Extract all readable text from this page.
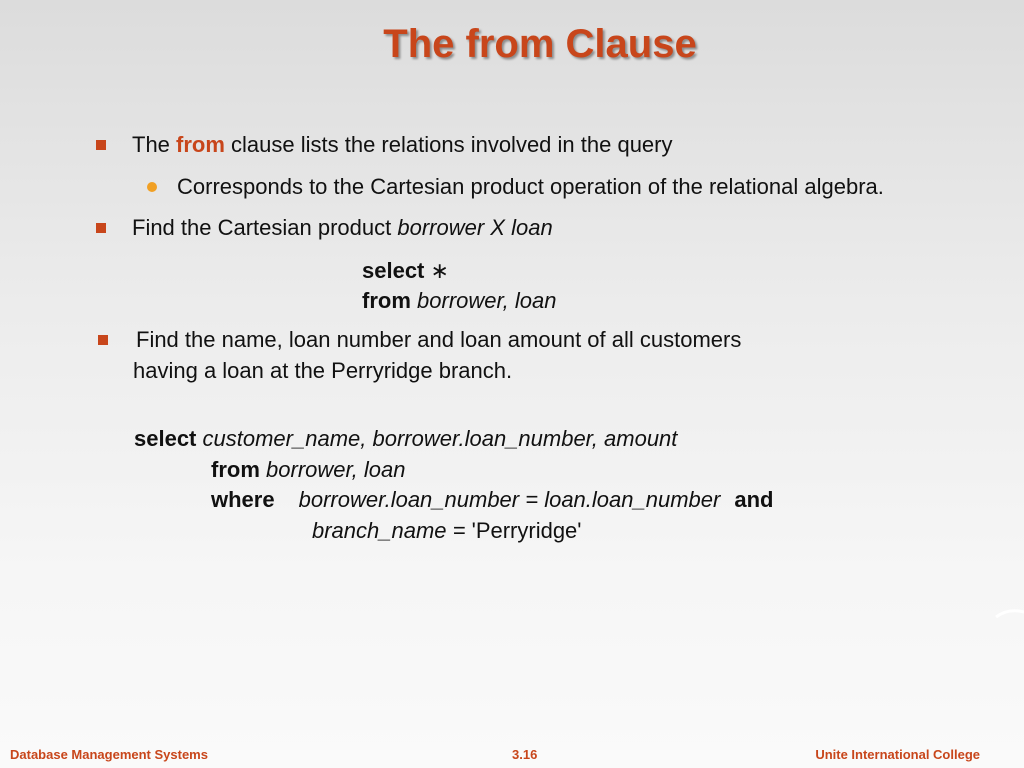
The from Clause
The from clause lists the relations involved in the query
Corresponds to the Cartesian product operation of the relational algebra.
Find the Cartesian product borrower X loan
select ∗
from borrower, loan
Find the name, loan number and loan amount of all customers
having a loan at the Perryridge branch.
select customer_name, borrower.loan_number, amount
from borrower, loan
where borrower.loan_number = loan.loan_number and
branch_name = 'Perryridge'
Database Management Systems	3.16	Unite International College
